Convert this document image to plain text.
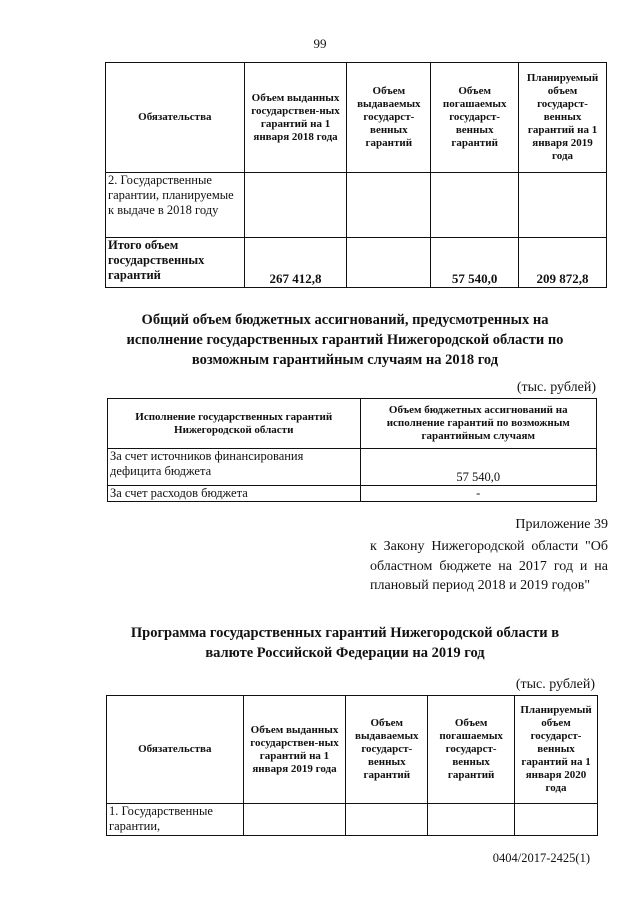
99
Обязательства	Объем выданных государствен-ных гарантий на 1 января 2018 года	Объем выдаваемых государст-венных гарантий	Объем погашаемых государст-венных гарантий	Планируемый объем государст-венных гарантий на 1 января 2019 года
2. Государственные гарантии, планируемые к выдаче в 2018 году				
Итого объем государственных гарантий	267 412,8		57 540,0	209 872,8
Общий объем бюджетных ассигнований, предусмотренных на исполнение государственных гарантий Нижегородской области по возможным гарантийным случаям на 2018 год
(тыс. рублей)
Исполнение государственных гарантий Нижегородской области	Объем бюджетных ассигнований на исполнение гарантий по возможным гарантийным случаям
За счет источников финансирования дефицита бюджета	57 540,0
За счет расходов бюджета	-
Приложение 39
к Закону Нижегородской области "Об областном бюджете на 2017 год и на плановый период 2018 и 2019 годов"
Программа государственных гарантий Нижегородской области в валюте Российской Федерации на 2019 год
(тыс. рублей)
Обязательства	Объем выданных государствен-ных гарантий на 1 января 2019 года	Объем выдаваемых государст-венных гарантий	Объем погашаемых государст-венных гарантий	Планируемый объем государст-венных гарантий на 1 января 2020 года
1. Государственные гарантии,				
0404/2017-2425(1)
